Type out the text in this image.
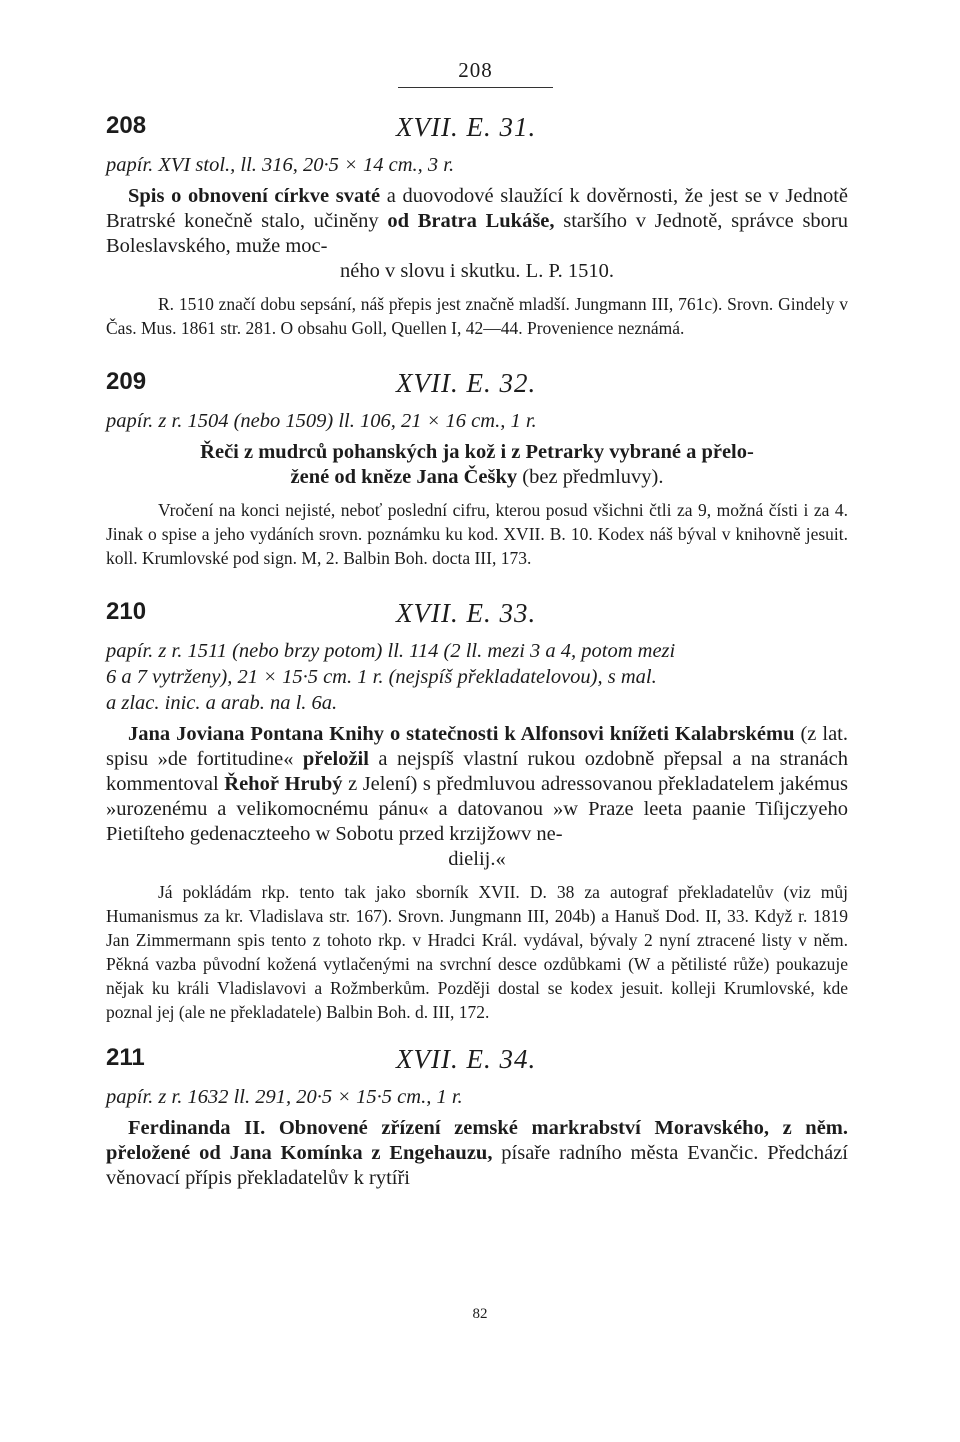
208
208	XVII. E. 31.

papír. XVI stol., ll. 316, 20·5 × 14 cm., 3 r.

Spis o obnovení církve svaté a duovodové slaužící k dověrnosti, že jest se v Jednotě Bratrské konečně stalo, učiněny od Bratra Lukáše, staršího v Jednotě, správce sboru Boleslavského, muže moc-

ného v slovu i skutku. L. P. 1510.

R. 1510 značí dobu sepsání, náš přepis jest značně mladší. Jungmann III, 761c). Srovn. Gindely v Čas. Mus. 1861 str. 281. O obsahu Goll, Quellen I, 42—44. Provenience neznámá.

209	XVII. E. 32.

papír. z r. 1504 (nebo 1509) ll. 106, 21 × 16 cm., 1 r.

Řeči z mudrců pohanských ja kož i z Petrarky vybrané a přelo-

žené od kněze Jana Češky (bez předmluvy).

Vročení na konci nejisté, neboť poslední cifru, kterou posud všichni čtli za 9, možná čísti i za 4. Jinak o spise a jeho vydáních srovn. poznámku ku kod. XVII. B. 10. Kodex náš býval v knihovně jesuit. koll. Krumlovské pod sign. M, 2. Balbin Boh. docta III, 173.

210	XVII. E. 33.

papír. z r. 1511 (nebo brzy potom) ll. 114 (2 ll. mezi 3 a 4, potom mezi

6 a 7 vytrženy), 21 × 15·5 cm. 1 r. (nejspíš překladatelovou), s mal.

a zlac. inic. a arab. na l. 6a.

Jana Joviana Pontana Knihy o statečnosti k Alfonsovi knížeti Kalabrskému (z lat. spisu »de fortitudine« přeložil a nejspíš vlastní rukou ozdobně přepsal a na stranách kommentoval Řehoř Hrubý z Jelení) s předmluvou adressovanou překladatelem jakémus »urozenému a velikomocnému pánu« a datovanou »w Praze leeta paanie Tiſijczyeho Pietiſteho gedenaczteeho w Sobotu przed krzijžowv ne-

dielij.«

Já pokládám rkp. tento tak jako sborník XVII. D. 38 za autograf překladatelův (viz můj Humanismus za kr. Vladislava str. 167). Srovn. Jungmann III, 204b) a Hanuš Dod. II, 33. Když r. 1819 Jan Zimmermann spis tento z tohoto rkp. v Hradci Král. vydával, bývaly 2 nyní ztracené listy v něm. Pěkná vazba původní kožená vytlačenými na svrchní desce ozdůbkami (W a pětilisté růže) poukazuje nějak ku králi Vladislavovi a Rožmberkům. Později dostal se kodex jesuit. kolleji Krumlovské, kde poznal jej (ale ne překladatele) Balbin Boh. d. III, 172.

211	XVII. E. 34.

papír. z r. 1632 ll. 291, 20·5 × 15·5 cm., 1 r.

Ferdinanda II. Obnovené zřízení zemské markrabství Moravského, z něm. přeložené od Jana Komínka z Engehauzu, písaře radního města Evančic. Předchází věnovací přípis překladatelův k rytíři

82
